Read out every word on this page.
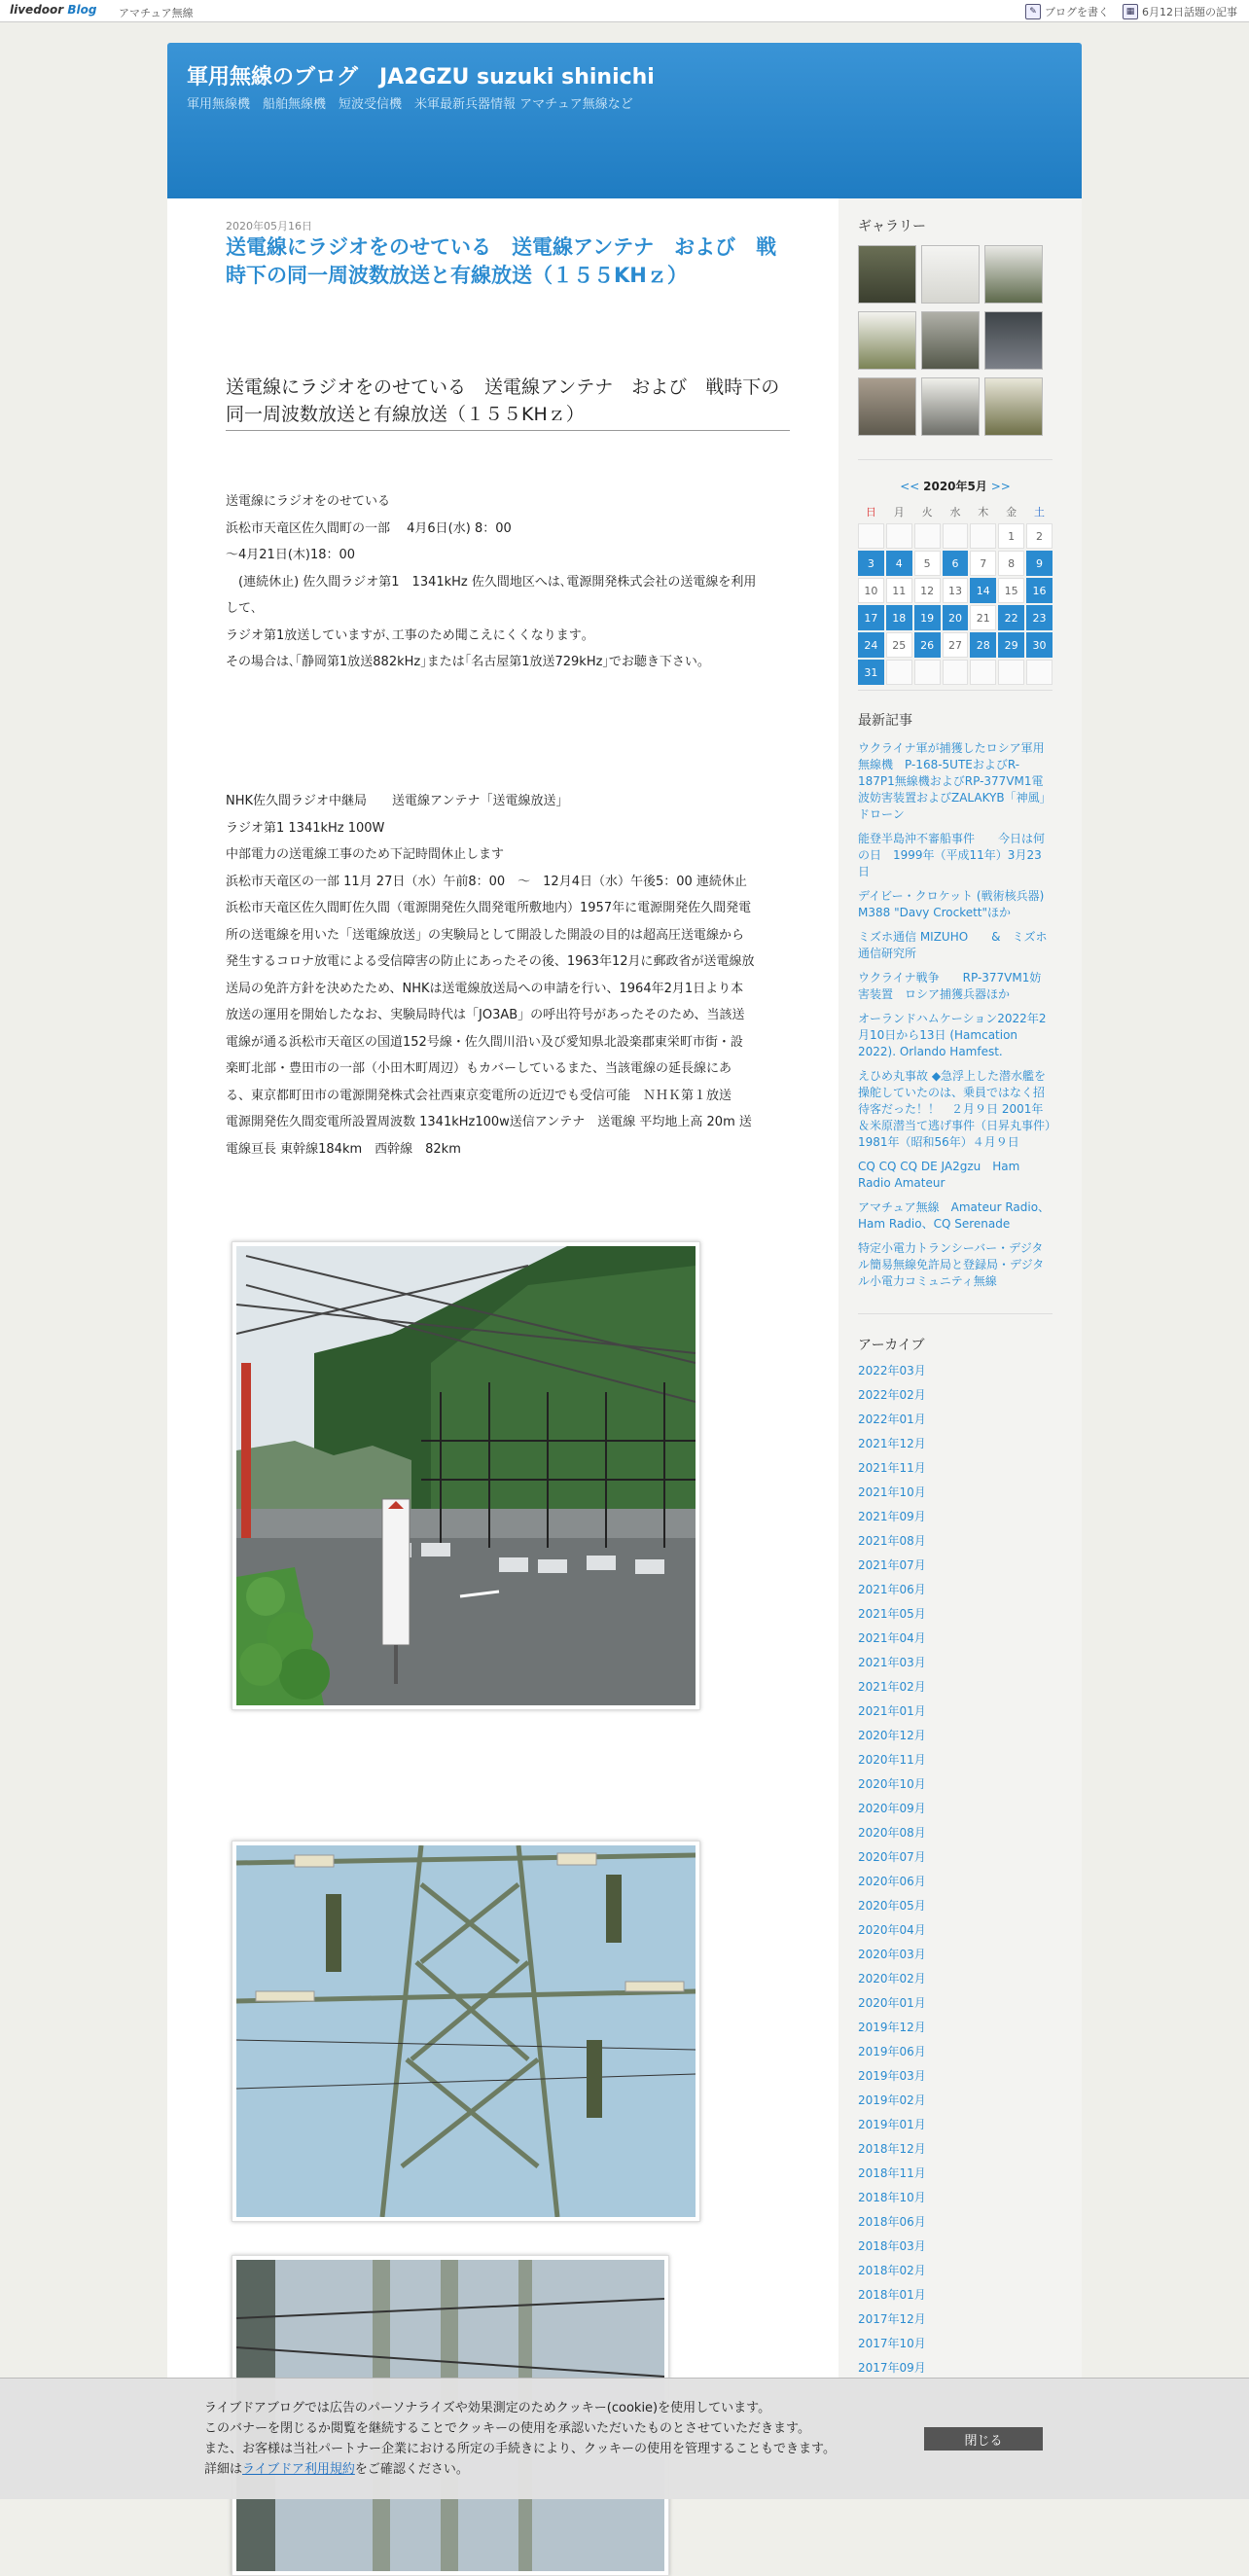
livedoor Blog アマチュア無線	✎ ブログを書く	▦ 6月12日話題の記事
軍用無線のブログ　JA2GZU suzuki shinichi
軍用無線機　船舶無線機　短波受信機　米軍最新兵器情報 アマチュア無線など
2020年05月16日
送電線にラジオをのせている　送電線アンテナ　および　戦時下の同一周波数放送と有線放送（１５５KHｚ）
送電線にラジオをのせている　送電線アンテナ　および　戦時下の同一周波数放送と有線放送（１５５KHｚ）
送電線にラジオをのせている
浜松市天竜区佐久間町の一部　 4月6日(水) 8：00
～4月21日(木)18：00
　(連続休止) 佐久間ラジオ第1　1341kHz 佐久間地区へは､電源開発株式会社の送電線を利用
して､
ラジオ第1放送していますが､工事のため聞こえにくくなります｡
その場合は､｢静岡第1放送882kHz｣または｢名古屋第1放送729kHz｣でお聴き下さい｡
NHK佐久間ラジオ中継局　　送電線アンテナ「送電線放送」
ラジオ第1 1341kHz 100W
中部電力の送電線工事のため下記時間休止します
浜松市天竜区の一部 11月 27日（水）午前8：00　～　12月4日（水）午後5：00 連続休止
浜松市天竜区佐久間町佐久間（電源開発佐久間発電所敷地内）1957年に電源開発佐久間発電
所の送電線を用いた「送電線放送」の実験局として開設した開設の目的は超高圧送電線から
発生するコロナ放電による受信障害の防止にあったその後、1963年12月に郵政省が送電線放
送局の免許方針を決めたため、NHKは送電線放送局への申請を行い、1964年2月1日より本
放送の運用を開始したなお、実験局時代は「JO3AB」の呼出符号があったそのため、当該送
電線が通る浜松市天竜区の国道152号線・佐久間川沿い及び愛知県北設楽郡東栄町市街・設
楽町北部・豊田市の一部（小田木町周辺）もカバーしているまた、当該電線の延長線にあ
る、東京都町田市の電源開発株式会社西東京変電所の近辺でも受信可能　ＮＨＫ第１放送
電源開発佐久間変電所設置周波数 1341kHz100w送信アンテナ　送電線 平均地上高 20m 送
電線亘長 東幹線184km　西幹線　82km
ギャラリー
<< 2020年5月 >>
日	月	火	水	木	金	土
					1	2
3	4	5	6	7	8	9
10	11	12	13	14	15	16
17	18	19	20	21	22	23
24	25	26	27	28	29	30
31						
最新記事
ウクライナ軍が捕獲したロシア軍用無線機　P-168-5UTEおよびR-187P1無線機およびRP-377VM1電波妨害装置およびZALAKYB「神風」ドローン
能登半島沖不審船事件　　今日は何の日　1999年（平成11年）3月23日
デイビー・クロケット (戦術核兵器) M388 "Davy Crockett"ほか
ミズホ通信 MIZUHO　　&　ミズホ通信研究所
ウクライナ戦争　　RP-377VM1妨害装置　ロシア捕獲兵器ほか
オーランドハムケーション2022年2月10日から13日 (Hamcation 2022). Orlando Hamfest.
えひめ丸事故 ◆急浮上した潜水艦を操舵していたのは、乗員ではなく招待客だった！！　２月９日 2001年＆米原潜当て逃げ事件（日昇丸事件）1981年（昭和56年）４月９日
CQ CQ CQ DE JA2gzu　Ham Radio Amateur
アマチュア無線　Amateur Radio、Ham Radio、CQ Serenade
特定小電力トランシーバー・デジタル簡易無線免許局と登録局・デジタル小電力コミュニティ無線
アーカイブ
2022年03月
2022年02月
2022年01月
2021年12月
2021年11月
2021年10月
2021年09月
2021年08月
2021年07月
2021年06月
2021年05月
2021年04月
2021年03月
2021年02月
2021年01月
2020年12月
2020年11月
2020年10月
2020年09月
2020年08月
2020年07月
2020年06月
2020年05月
2020年04月
2020年03月
2020年02月
2020年01月
2019年12月
2019年06月
2019年03月
2019年02月
2019年01月
2018年12月
2018年11月
2018年10月
2018年06月
2018年03月
2018年02月
2018年01月
2017年12月
2017年10月
2017年09月
ライブドアブログでは広告のパーソナライズや効果測定のためクッキー(cookie)を使用しています。
このバナーを閉じるか閲覧を継続することでクッキーの使用を承認いただいたものとさせていただきます。
また、お客様は当社パートナー企業における所定の手続きにより、クッキーの使用を管理することもできます。
詳細はライブドア利用規約をご確認ください。
閉じる
